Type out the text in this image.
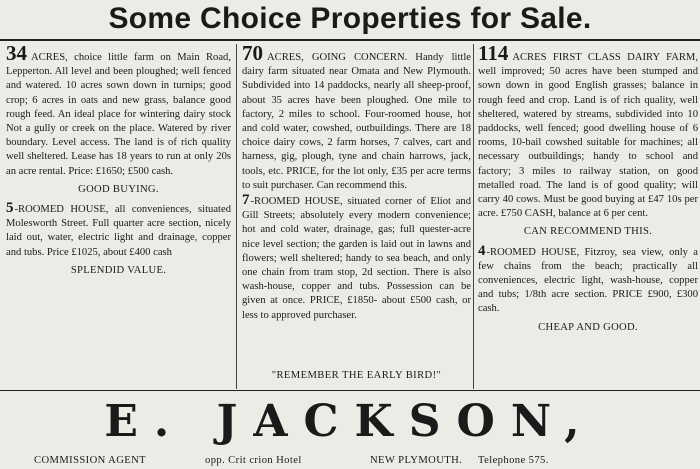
Some Choice Properties for Sale.

34 ACRES, choice little farm on Main Road, Lepperton. All level and been ploughed; well fenced and watered. 10 acres sown down in turnips; good crop; 6 acres in oats and new grass, balance good rough feed. An ideal place for wintering dairy stock Not a gully or creek on the place. Watered by river boundary. Level access. The land is of rich quality well sheltered. Lease has 18 years to run at only 20s an acre rental. Price: £1650; £500 cash.

GOOD BUYING.

5-ROOMED HOUSE, all conveniences, situated Molesworth Street. Full quarter acre section, nicely laid out, water, electric light and drainage, copper and tubs. Price £1025, about £400 cash

SPLENDID VALUE.

70 ACRES, GOING CONCERN. Handy little dairy farm situated near Omata and New Plymouth. Subdivided into 14 paddocks, nearly all sheep-proof, about 35 acres have been ploughed. One mile to factory, 2 miles to school. Four-roomed house, hot and cold water, cowshed, outbuildings. There are 18 choice dairy cows, 2 farm horses, 7 calves, cart and harness, gig, plough, tyne and chain harrows, jack, tools, etc. PRICE, for the lot only, £35 per acre terms to suit purchaser. Can recommend this.

7-ROOMED HOUSE, situated corner of Eliot and Gill Streets; absolutely every modern convenience; hot and cold water, drainage, gas; full quester-acre nice level section; the garden is laid out in lawns and flowers; well sheltered; handy to sea beach, and only one chain from tram stop, 2d section. There is also wash-house, copper and tubs. Possession can be given at once. PRICE, £1850- about £500 cash, or less to approved purchaser.

"REMEMBER THE EARLY BIRD!"

114 ACRES FIRST CLASS DAIRY FARM, well improved; 50 acres have been stumped and sown down in good English grasses; balance in rough feed and crop. Land is of rich quality, well sheltered, watered by streams, subdivided into 10 paddocks, well fenced; good dwelling house of 6 rooms, 10-bail cowshed suitable for machines; all necessary outbuildings; handy to school and factory; 3 miles to railway station, on good metalled road. The land is of good quality; will carry 40 cows. Must be good buying at £47 10s per acre. £750 CASH, balance at 6 per cent.

CAN RECOMMEND THIS.

4-ROOMED HOUSE, Fitzroy, sea view, only a few chains from the beach; practically all conveniences, electric light, wash-house, copper and tubs; 1/8th acre section. PRICE £900, £300 cash.

CHEAP AND GOOD.
E. JACKSON,
COMMISSION AGENT	opp. Crit crion Hotel	NEW PLYMOUTH. Telephone 575.
